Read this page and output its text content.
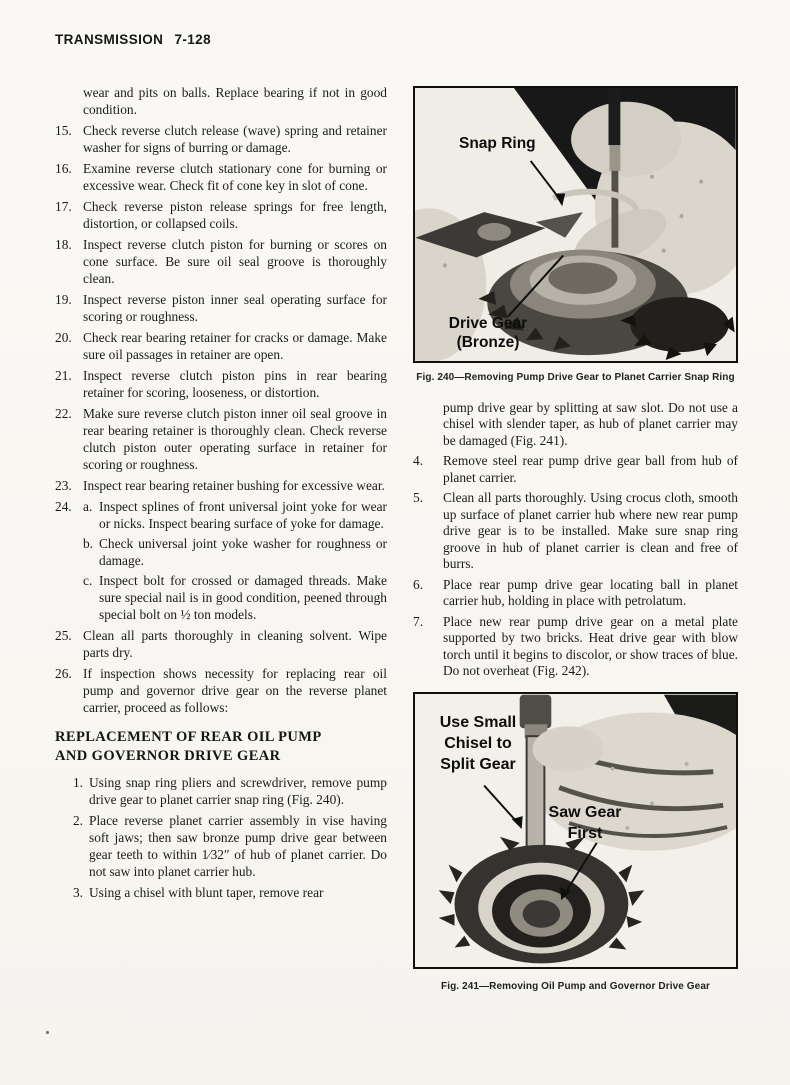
TRANSMISSION 7-128
wear and pits on balls. Replace bearing if not in good condition.
15. Check reverse clutch release (wave) spring and retainer washer for signs of burring or damage.
16. Examine reverse clutch stationary cone for burning or excessive wear. Check fit of cone key in slot of cone.
17. Check reverse piston release springs for free length, distortion, or collapsed coils.
18. Inspect reverse clutch piston for burning or scores on cone surface. Be sure oil seal groove is thoroughly clean.
19. Inspect reverse piston inner seal operating surface for scoring or roughness.
20. Check rear bearing retainer for cracks or damage. Make sure oil passages in retainer are open.
21. Inspect reverse clutch piston pins in rear bearing retainer for scoring, looseness, or distortion.
22. Make sure reverse clutch piston inner oil seal groove in rear bearing retainer is thoroughly clean. Check reverse clutch piston outer operating surface in retainer for scoring or roughness.
23. Inspect rear bearing retainer bushing for excessive wear.
24. a. Inspect splines of front universal joint yoke for wear or nicks. Inspect bearing surface of yoke for damage.
b. Check universal joint yoke washer for roughness or damage.
c. Inspect bolt for crossed or damaged threads. Make sure special nail is in good condition, peened through special bolt on ½ ton models.
25. Clean all parts thoroughly in cleaning solvent. Wipe parts dry.
26. If inspection shows necessity for replacing rear oil pump and governor drive gear on the reverse planet carrier, proceed as follows:
REPLACEMENT OF REAR OIL PUMP
AND GOVERNOR DRIVE GEAR
1. Using snap ring pliers and screwdriver, remove pump drive gear to planet carrier snap ring (Fig. 240).
2. Place reverse planet carrier assembly in vise having soft jaws; then saw bronze pump drive gear between gear teeth to within 1⁄32″ of hub of planet carrier. Do not saw into planet carrier hub.
3. Using a chisel with blunt taper, remove rear
Snap Ring
Drive Gear
(Bronze)
Fig. 240—Removing Pump Drive Gear to Planet Carrier Snap Ring
pump drive gear by splitting at saw slot. Do not use a chisel with slender taper, as hub of planet carrier may be damaged (Fig. 241).
4.	Remove steel rear pump drive gear ball from hub of planet carrier.
5.	Clean all parts thoroughly. Using crocus cloth, smooth up surface of planet carrier hub where new rear pump drive gear is to be installed. Make sure snap ring groove in hub of planet carrier is clean and free of burrs.
6.	Place rear pump drive gear locating ball in planet carrier hub, holding in place with petrolatum.
7.	Place new rear pump drive gear on a metal plate supported by two bricks. Heat drive gear with blow torch until it begins to discolor, or show traces of blue. Do not overheat (Fig. 242).
Use Small
Chisel to
Split Gear
Saw Gear
First
Fig. 241—Removing Oil Pump and Governor Drive Gear
